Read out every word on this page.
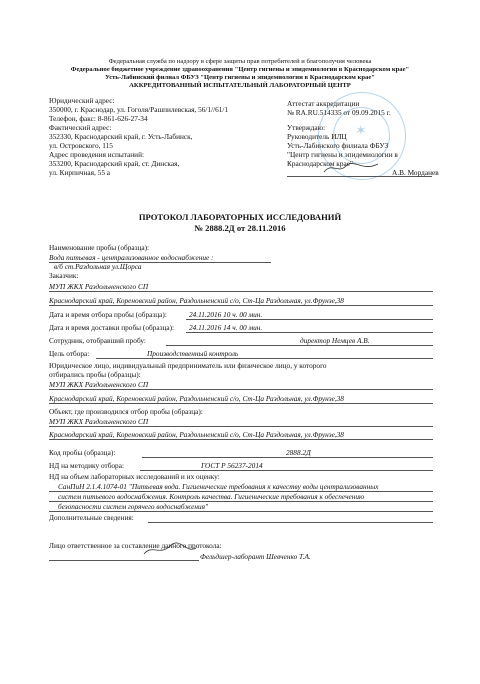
Федеральная служба по надзору в сфере защиты прав потребителей и благополучия человека
Федеральное бюджетное учреждение здравоохранения "Центр гигиены и эпидемиологии в Краснодарском крае"
Усть-Лабинский филиал ФБУЗ "Центр гигиены и эпидемиологии в Краснодарском крае"
АККРЕДИТОВАННЫЙ ИСПЫТАТЕЛЬНЫЙ ЛАБОРАТОРНЫЙ ЦЕНТР
Юридический адрес:
350000, г. Краснодар, ул. Гоголя/Рашпилевская, 56/1//61/1
Телефон, факс: 8-861-626-27-34
Фактический адрес:
352330, Краснодарский край, г. Усть-Лабинск,
ул. Островского, 115
Адрес проведения испытаний:
353200, Краснодарский край, ст. Динская,
ул. Кирпичная, 55 а
✶
Аттестат аккредитации
№ RA.RU.514335 от 09.09.2015 г.
Утверждаю:
Руководитель ИЛЦ
Усть-Лабинского филиала ФБУЗ
"Центр гигиены и эпидемиологии в
Краснодарском крае"
А.В. Морданев
ПРОТОКОЛ ЛАБОРАТОРНЫХ ИССЛЕДОВАНИЙ
№ 2888.2Д от 28.11.2016
Наименование пробы (образца):
Вода питьевая - централизованное водоснабжение :
в/б ст.Раздольная ул.Щорса
Заказчик:
МУП ЖКХ Раздольненского СП
Краснодарский край, Кореновский район, Раздольненский с/о, Ст-Ца Раздольная, ул.Фрунзе,38
Дата и время отбора пробы (образца):	24.11.2016 10 ч. 00 мин.
Дата и время доставки пробы (образца): 24.11.2016 14 ч. 00 мин.
Сотрудник, отобравший пробу:	директор Немцев А.В.
Цель отбора:	Производственный контроль
Юридическое лицо, индивидуальный предприниматель или физическое лицо, у которого
отбирались пробы (образцы):
МУП ЖКХ Раздольненского СП
Краснодарский край, Кореновский район, Раздольненский с/о, Ст-Ца Раздольная, ул.Фрунзе,38
Объект, где производился отбор пробы (образца):
МУП ЖКХ Раздольненского СП
Краснодарский край, Кореновский район, Раздольненский с/о, Ст-Ца Раздольная, ул.Фрунзе,38
Код пробы (образца):	2888.2Д
НД на методику отбора:	ГОСТ Р 56237-2014
НД на объем лабораторных исследований и их оценку:
СанПиН 2.1.4.1074-01 "Питьевая вода. Гигиенические требования к качеству воды централизованных
систем питьевого водоснабжения. Контроль качества. Гигиенические требования к обеспечению
безопасности систем горячего водоснабжения"
Дополнительные сведения:
Лицо ответственное за составление данного протокола:
Фельдшер-лаборант Шевченко Т.А.
